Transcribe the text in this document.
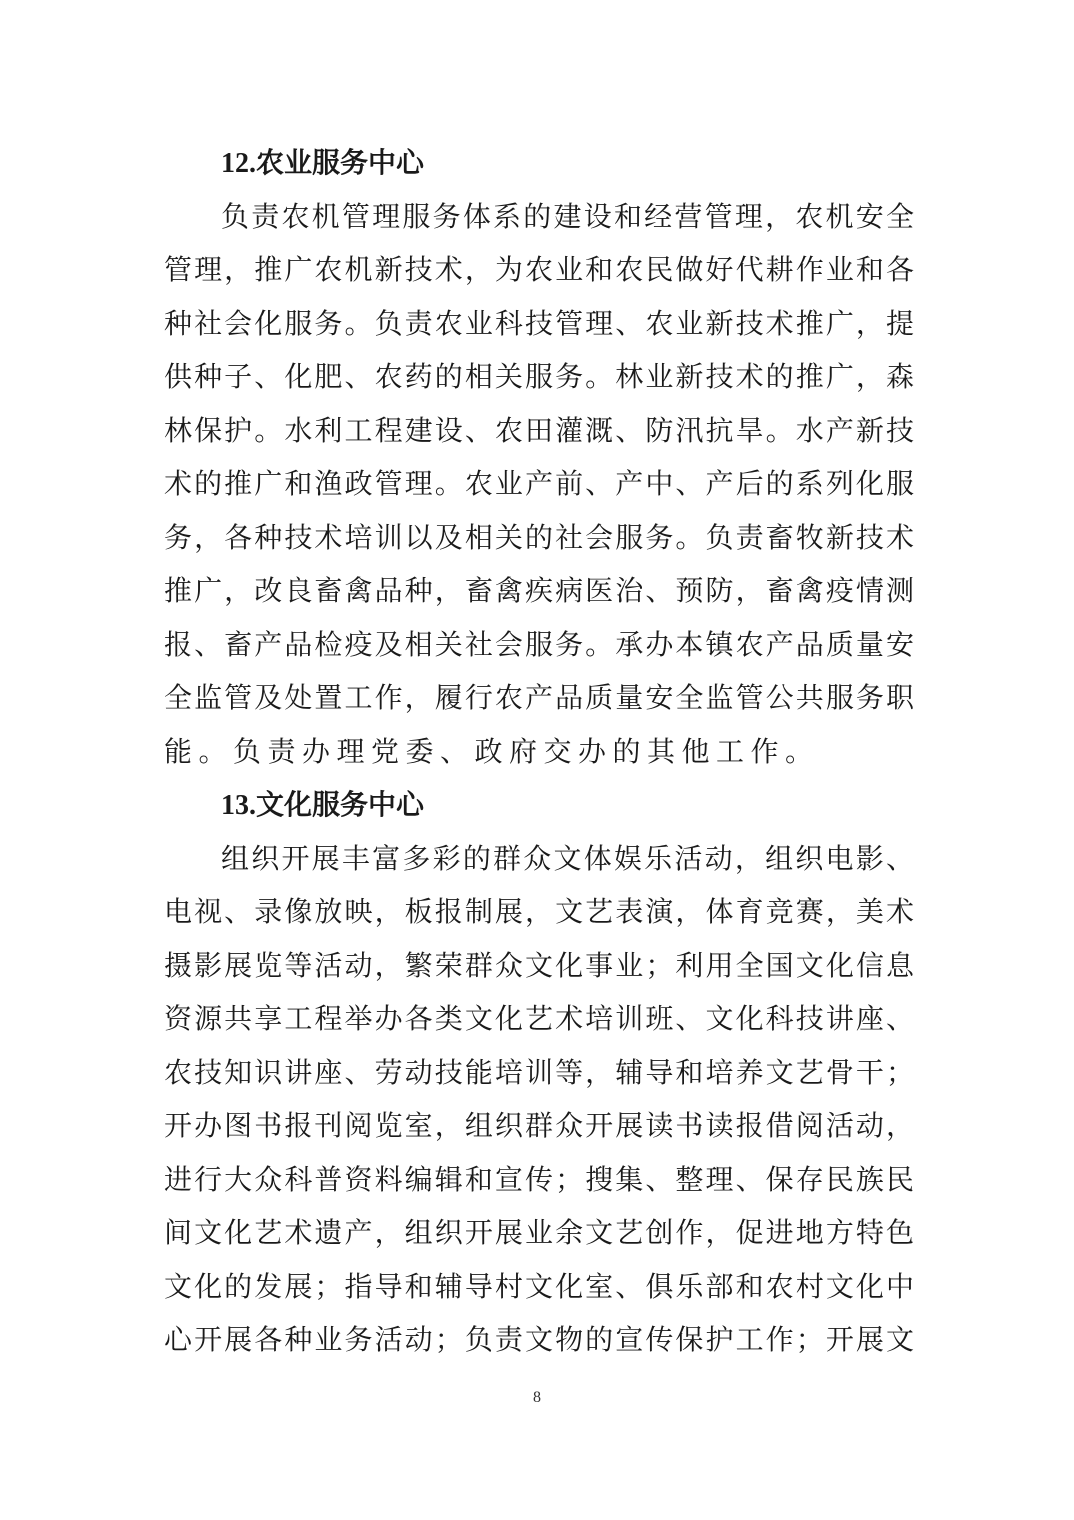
12.农业服务中心
负责农机管理服务体系的建设和经营管理，农机安全
管理，推广农机新技术，为农业和农民做好代耕作业和各
种社会化服务。负责农业科技管理、农业新技术推广，提
供种子、化肥、农药的相关服务。林业新技术的推广，森
林保护。水利工程建设、农田灌溉、防汛抗旱。水产新技
术的推广和渔政管理。农业产前、产中、产后的系列化服
务，各种技术培训以及相关的社会服务。负责畜牧新技术
推广，改良畜禽品种，畜禽疾病医治、预防，畜禽疫情测
报、畜产品检疫及相关社会服务。承办本镇农产品质量安
全监管及处置工作，履行农产品质量安全监管公共服务职
能。负责办理党委、政府交办的其他工作。
13.文化服务中心
组织开展丰富多彩的群众文体娱乐活动，组织电影、
电视、录像放映，板报制展，文艺表演，体育竞赛，美术
摄影展览等活动，繁荣群众文化事业；利用全国文化信息
资源共享工程举办各类文化艺术培训班、文化科技讲座、
农技知识讲座、劳动技能培训等，辅导和培养文艺骨干；
开办图书报刊阅览室，组织群众开展读书读报借阅活动，
进行大众科普资料编辑和宣传；搜集、整理、保存民族民
间文化艺术遗产，组织开展业余文艺创作，促进地方特色
文化的发展；指导和辅导村文化室、俱乐部和农村文化中
心开展各种业务活动；负责文物的宣传保护工作；开展文
8
